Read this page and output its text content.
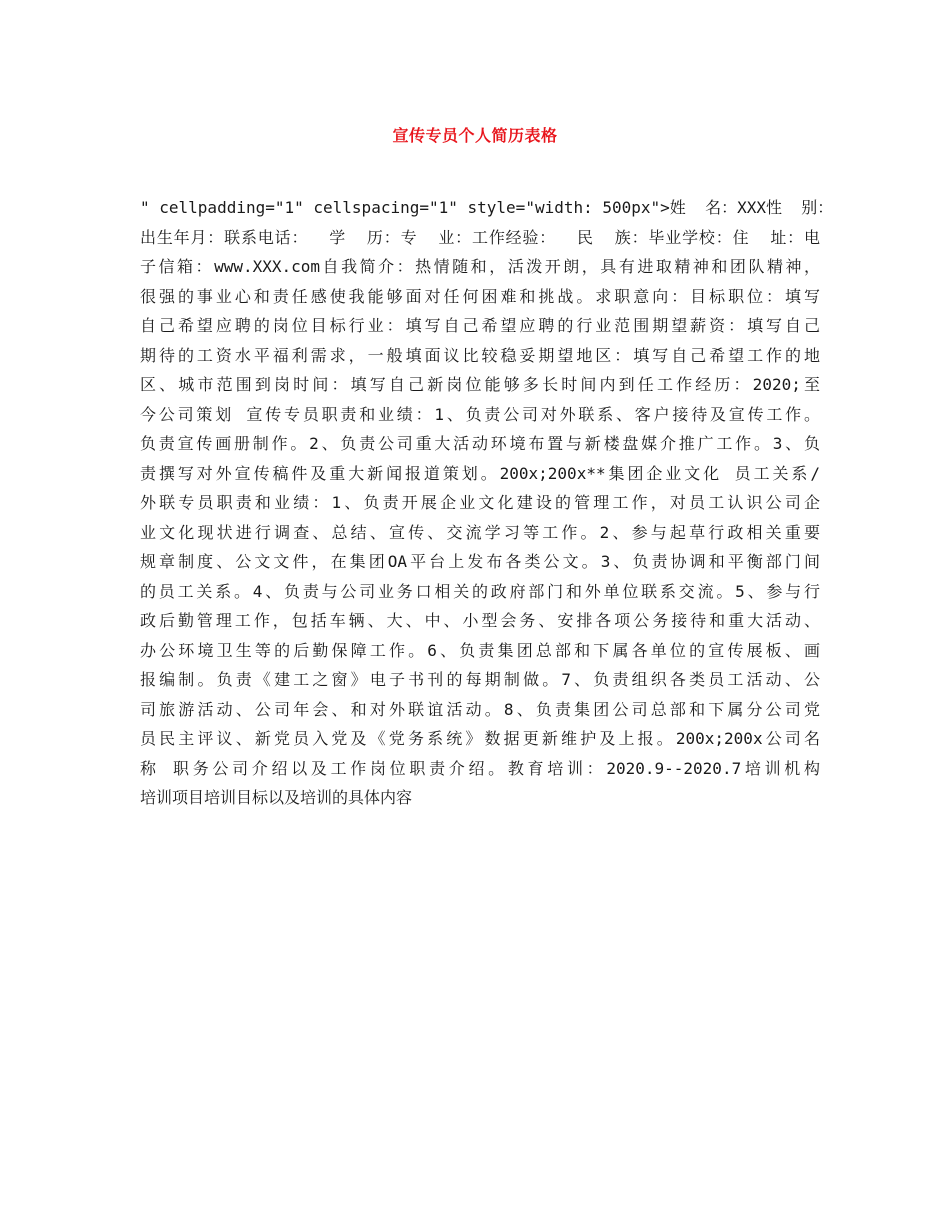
宣传专员个人简历表格
" cellpadding="1" cellspacing="1" style="width: 500px">姓  名：XXX性  别：
出生年月：联系电话：  学  历：专  业：工作经验：  民  族：毕业学校：住  址：电
子信箱：www.XXX.com自我简介：热情随和，活泼开朗，具有进取精神和团队精神，
很强的事业心和责任感使我能够面对任何困难和挑战。求职意向：目标职位：填写
自己希望应聘的岗位目标行业：填写自己希望应聘的行业范围期望薪资：填写自己
期待的工资水平福利需求，一般填面议比较稳妥期望地区：填写自己希望工作的地
区、城市范围到岗时间：填写自己新岗位能够多长时间内到任工作经历：2020;至
今公司策划 宣传专员职责和业绩：1、负责公司对外联系、客户接待及宣传工作。
负责宣传画册制作。2、负责公司重大活动环境布置与新楼盘媒介推广工作。3、负
责撰写对外宣传稿件及重大新闻报道策划。200x;200x**集团企业文化 员工关系/
外联专员职责和业绩：1、负责开展企业文化建设的管理工作，对员工认识公司企
业文化现状进行调查、总结、宣传、交流学习等工作。2、参与起草行政相关重要
规章制度、公文文件，在集团OA平台上发布各类公文。3、负责协调和平衡部门间
的员工关系。4、负责与公司业务口相关的政府部门和外单位联系交流。5、参与行
政后勤管理工作，包括车辆、大、中、小型会务、安排各项公务接待和重大活动、
办公环境卫生等的后勤保障工作。6、负责集团总部和下属各单位的宣传展板、画
报编制。负责《建工之窗》电子书刊的每期制做。7、负责组织各类员工活动、公
司旅游活动、公司年会、和对外联谊活动。8、负责集团公司总部和下属分公司党
员民主评议、新党员入党及《党务系统》数据更新维护及上报。200x;200x公司名
称 职务公司介绍以及工作岗位职责介绍。教育培训：2020.9--2020.7培训机构
培训项目培训目标以及培训的具体内容
